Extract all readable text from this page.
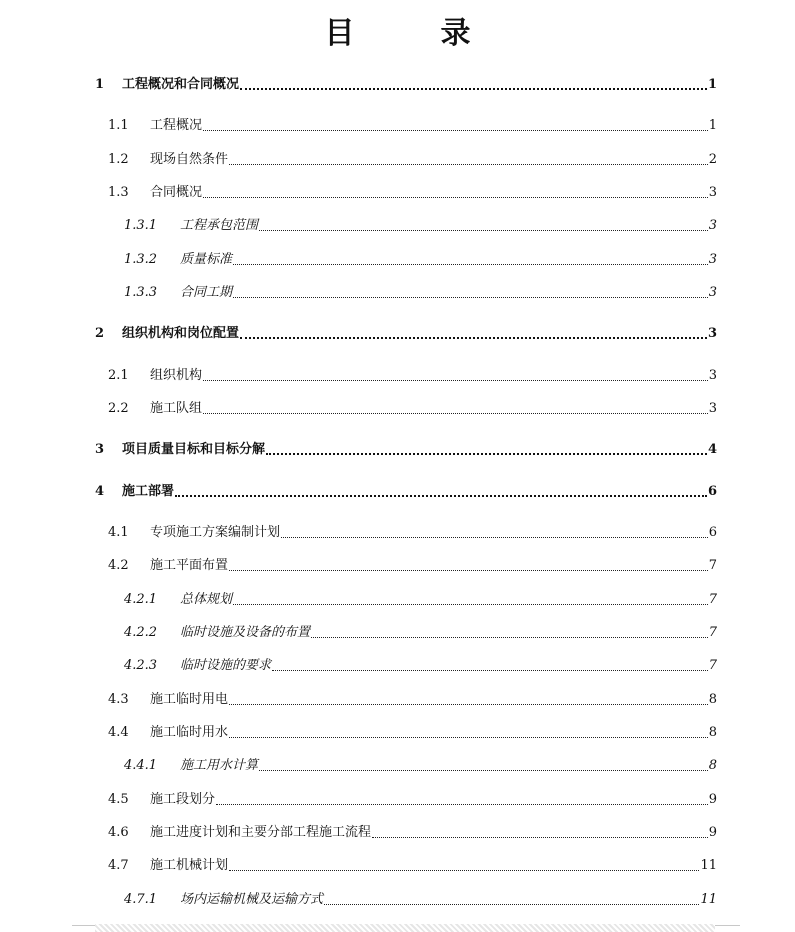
目　录
1	工程概况和合同概况	1
1.1	工程概况	1
1.2	现场自然条件	2
1.3	合同概况	3
1.3.1	工程承包范围	3
1.3.2	质量标准	3
1.3.3	合同工期	3
2	组织机构和岗位配置	3
2.1	组织机构	3
2.2	施工队组	3
3	项目质量目标和目标分解	4
4	施工部署	6
4.1	专项施工方案编制计划	6
4.2	施工平面布置	7
4.2.1	总体规划	7
4.2.2	临时设施及设备的布置	7
4.2.3	临时设施的要求	7
4.3	施工临时用电	8
4.4	施工临时用水	8
4.4.1	施工用水计算	8
4.5	施工段划分	9
4.6	施工进度计划和主要分部工程施工流程	9
4.7	施工机械计划	11
4.7.1	场内运输机械及运输方式	11
